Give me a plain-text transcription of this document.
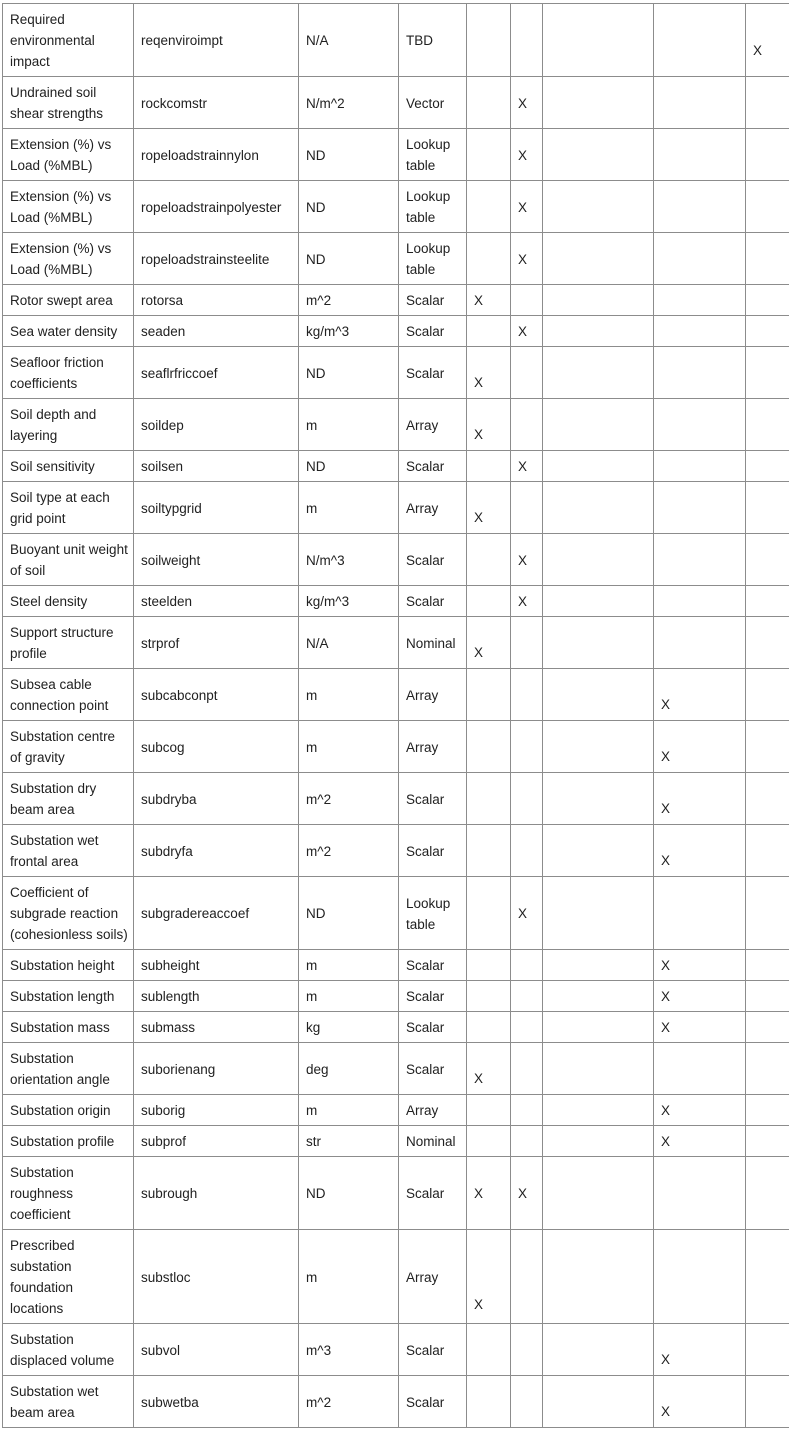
Required environmental impact	reqenviroimpt	N/A	TBD					X
Undrained soil shear strengths	rockcomstr	N/m^2	Vector		X			
Extension (%) vs Load (%MBL)	ropeloadstrainnylon	ND	Lookup table		X			
Extension (%) vs Load (%MBL)	ropeloadstrainpolyester	ND	Lookup table		X			
Extension (%) vs Load (%MBL)	ropeloadstrainsteelite	ND	Lookup table		X			
Rotor swept area	rotorsa	m^2	Scalar	X				
Sea water density	seaden	kg/m^3	Scalar		X			
Seafloor friction coefficients	seaflrfriccoef	ND	Scalar	X				
Soil depth and layering	soildep	m	Array	X				
Soil sensitivity	soilsen	ND	Scalar		X			
Soil type at each grid point	soiltypgrid	m	Array	X				
Buoyant unit weight of soil	soilweight	N/m^3	Scalar		X			
Steel density	steelden	kg/m^3	Scalar		X			
Support structure profile	strprof	N/A	Nominal	X				
Subsea cable connection point	subcabconpt	m	Array				X	
Substation centre of gravity	subcog	m	Array				X	
Substation dry beam area	subdryba	m^2	Scalar				X	
Substation wet frontal area	subdryfa	m^2	Scalar				X	
Coefficient of subgrade reaction (cohesionless soils)	subgradereaccoef	ND	Lookup table		X			
Substation height	subheight	m	Scalar				X	
Substation length	sublength	m	Scalar				X	
Substation mass	submass	kg	Scalar				X	
Substation orientation angle	suborienang	deg	Scalar	X				
Substation origin	suborig	m	Array				X	
Substation profile	subprof	str	Nominal				X	
Substation roughness coefficient	subrough	ND	Scalar	X	X			
Prescribed substation foundation locations	substloc	m	Array	X				
Substation displaced volume	subvol	m^3	Scalar				X	
Substation wet beam area	subwetba	m^2	Scalar				X	
